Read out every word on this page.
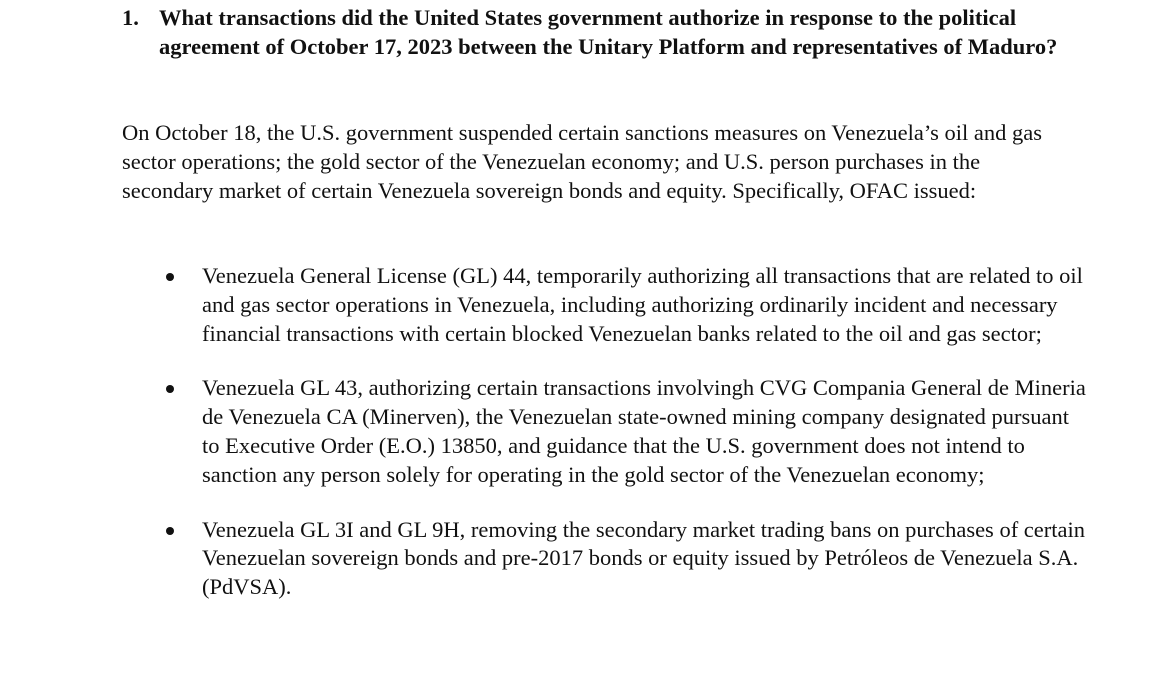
1. What transactions did the United States government authorize in response to the political agreement of October 17, 2023 between the Unitary Platform and representatives of Maduro?

On October 18, the U.S. government suspended certain sanctions measures on Venezuela’s oil and gas sector operations; the gold sector of the Venezuelan economy; and U.S. person purchases in the secondary market of certain Venezuela sovereign bonds and equity. Specifically, OFAC issued:

Venezuela General License (GL) 44, temporarily authorizing all transactions that are related to oil and gas sector operations in Venezuela, including authorizing ordinarily incident and necessary financial transactions with certain blocked Venezuelan banks related to the oil and gas sector;
Venezuela GL 43, authorizing certain transactions involvingh CVG Compania General de Mineria de Venezuela CA (Minerven), the Venezuelan state-owned mining company designated pursuant to Executive Order (E.O.) 13850, and guidance that the U.S. government does not intend to sanction any person solely for operating in the gold sector of the Venezuelan economy;
Venezuela GL 3I and GL 9H, removing the secondary market trading bans on purchases of certain Venezuelan sovereign bonds and pre-2017 bonds or equity issued by Petróleos de Venezuela S.A. (PdVSA).
